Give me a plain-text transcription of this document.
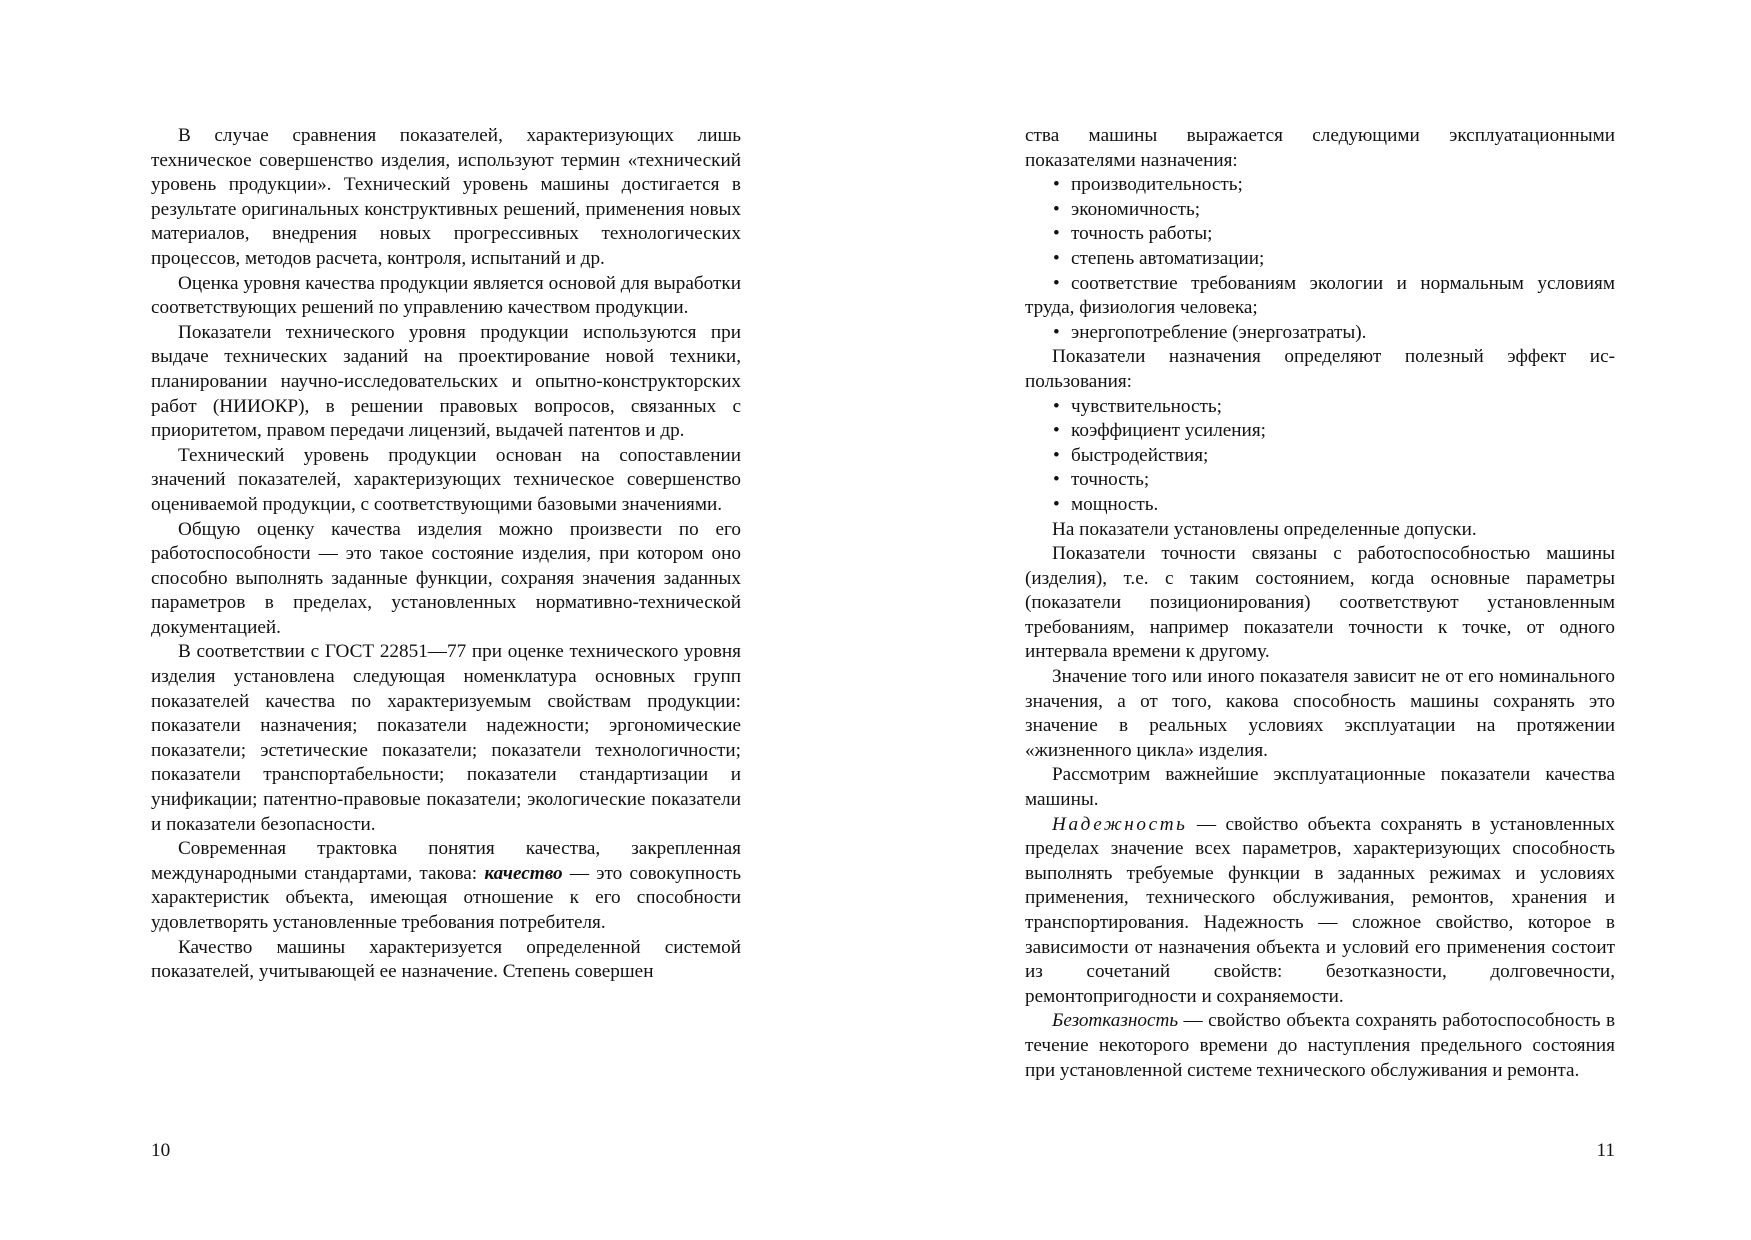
В случае сравнения показателей, характеризующих лишь техническое совершенство изделия, используют термин «технический уровень продукции». Технический уровень машины достигается в результате оригинальных конструктивных решений, применения новых материалов, внедрения новых прогрессивных технологических процессов, методов расчета, контроля, испытаний и др.

Оценка уровня качества продукции является основой для выработки соответствующих решений по управлению качеством продукции.

Показатели технического уровня продукции используются при выдаче технических заданий на проектирование новой техники, планировании научно-исследовательских и опытно-конструкторских работ (НИИОКР), в решении правовых вопросов, связанных с приоритетом, правом передачи лицензий, выдачей патентов и др.

Технический уровень продукции основан на сопоставлении значений показателей, характеризующих техническое совершенство оцениваемой продукции, с соответствующими базовыми значениями.

Общую оценку качества изделия можно произвести по его работоспособности — это такое состояние изделия, при котором оно способно выполнять заданные функции, сохраняя значения заданных параметров в пределах, установленных нормативно-технической документацией.

В соответствии с ГОСТ 22851—77 при оценке технического уровня изделия установлена следующая номенклатура основных групп показателей качества по характеризуемым свойствам продукции: показатели назначения; показатели надежности; эргономические показатели; эстетические показатели; показатели технологичности; показатели транспортабельности; показатели стандартизации и унификации; патентно-правовые показатели; экологические показатели и показатели безопасности.

Современная трактовка понятия качества, закрепленная международными стандартами, такова: качество — это совокупность характеристик объекта, имеющая отношение к его способности удовлетворять установленные требования потребителя.

Качество машины характеризуется определенной системой показателей, учитывающей ее назначение. Степень совершен

10

ства машины выражается следующими эксплуатационными показателями назначения:

• производительность;
• экономичность;
• точность работы;
• степень автоматизации;
• соответствие требованиям экологии и нормальным условиям труда, физиология человека;
• энергопотребление (энергозатраты).

Показатели назначения определяют полезный эффект использования:

• чувствительность;
• коэффициент усиления;
• быстродействия;
• точность;
• мощность.

На показатели установлены определенные допуски.

Показатели точности связаны с работоспособностью машины (изделия), т.е. с таким состоянием, когда основные параметры (показатели позиционирования) соответствуют установленным требованиям, например показатели точности к точке, от одного интервала времени к другому.

Значение того или иного показателя зависит не от его номинального значения, а от того, какова способность машины сохранять это значение в реальных условиях эксплуатации на протяжении «жизненного цикла» изделия.

Рассмотрим важнейшие эксплуатационные показатели качества машины.

Надежность — свойство объекта сохранять в установленных пределах значение всех параметров, характеризующих способность выполнять требуемые функции в заданных режимах и условиях применения, технического обслуживания, ремонтов, хранения и транспортирования. Надежность — сложное свойство, которое в зависимости от назначения объекта и условий его применения состоит из сочетаний свойств: безотказности, долговечности, ремонтопригодности и сохраняемости.

Безотказность — свойство объекта сохранять работоспособность в течение некоторого времени до наступления предельного состояния при установленной системе технического обслуживания и ремонта.

11
